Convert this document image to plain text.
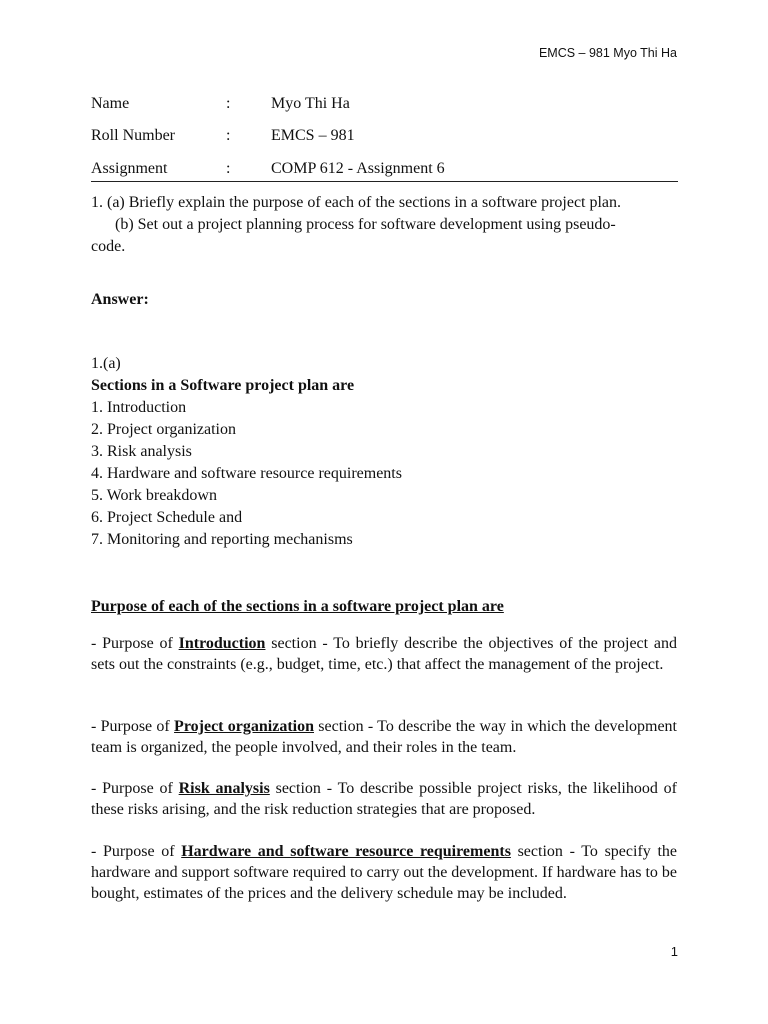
EMCS – 981 Myo Thi Ha
Name	:	Myo Thi Ha
Roll Number	:	EMCS – 981
Assignment	:	COMP 612 - Assignment 6
1. (a) Briefly explain the purpose of each of the sections in a software project plan.
(b) Set out a project planning process for software development using pseudo-
code.
Answer:
1.(a)
Sections in a Software project plan are
1. Introduction
2. Project organization
3. Risk analysis
4. Hardware and software resource requirements
5. Work breakdown
6. Project Schedule and
7. Monitoring and reporting mechanisms
Purpose of each of the sections in a software project plan are
- Purpose of Introduction section - To briefly describe the objectives of the project and sets out the constraints (e.g., budget, time, etc.) that affect the management of the project.
- Purpose of Project organization section - To describe the way in which the development team is organized, the people involved, and their roles in the team.
- Purpose of Risk analysis section - To describe possible project risks, the likelihood of these risks arising, and the risk reduction strategies that are proposed.
- Purpose of Hardware and software resource requirements section - To specify the hardware and support software required to carry out the development. If hardware has to be bought, estimates of the prices and the delivery schedule may be included.
1
